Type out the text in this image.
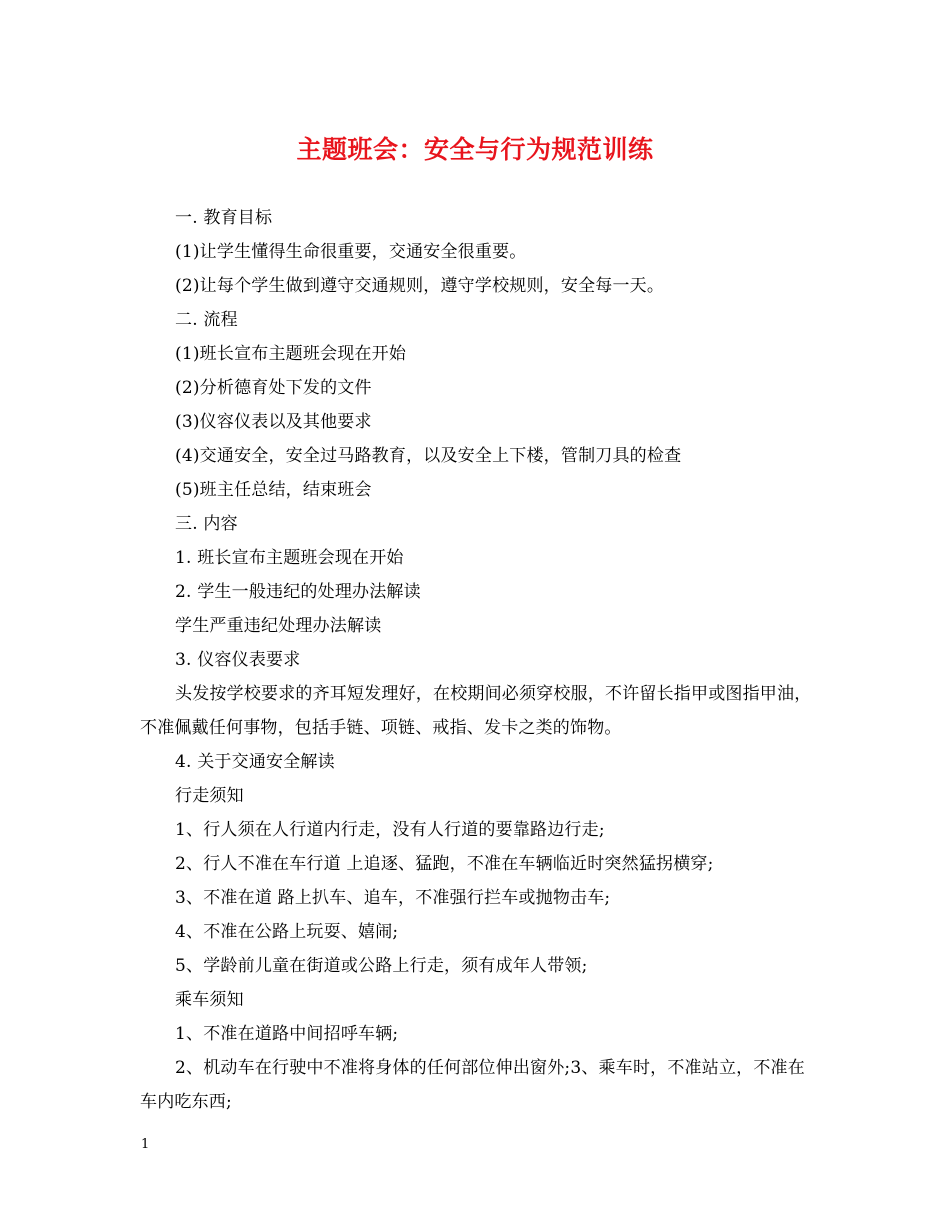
主题班会：安全与行为规范训练

一. 教育目标

(1)让学生懂得生命很重要，交通安全很重要。

(2)让每个学生做到遵守交通规则，遵守学校规则，安全每一天。

二. 流程

(1)班长宣布主题班会现在开始

(2)分析德育处下发的文件

(3)仪容仪表以及其他要求

(4)交通安全，安全过马路教育，以及安全上下楼，管制刀具的检查

(5)班主任总结，结束班会

三. 内容

1. 班长宣布主题班会现在开始

2. 学生一般违纪的处理办法解读

学生严重违纪处理办法解读

3. 仪容仪表要求

头发按学校要求的齐耳短发理好，在校期间必须穿校服，不许留长指甲或图指甲油，不准佩戴任何事物，包括手链、项链、戒指、发卡之类的饰物。

4. 关于交通安全解读

行走须知

1、行人须在人行道内行走，没有人行道的要靠路边行走;

2、行人不准在车行道 上追逐、猛跑，不准在车辆临近时突然猛拐横穿;

3、不准在道 路上扒车、追车，不准强行拦车或抛物击车;

4、不准在公路上玩耍、嬉闹;

5、学龄前儿童在街道或公路上行走，须有成年人带领;

乘车须知

1、不准在道路中间招呼车辆;

2、机动车在行驶中不准将身体的任何部位伸出窗外;3、乘车时，不准站立，不准在车内吃东西;

1
